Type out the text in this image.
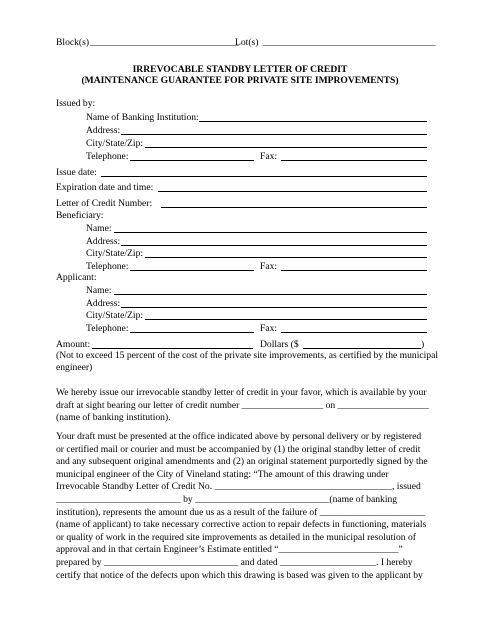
Block(s) _______________________________
Lot(s) ____________________________________
IRREVOCABLE STANDBY LETTER OF CREDIT
(MAINTENANCE GUARANTEE FOR PRIVATE SITE IMPROVEMENTS)
Issued by:
Name of Banking Institution:
Address:
City/State/Zip:
Telephone:	Fax:
Issue date:
Expiration date and time:
Letter of Credit Number:
Beneficiary:
Name:
Address:
City/State/Zip:
Telephone:	Fax:
Applicant:
Name:
Address:
City/State/Zip:
Telephone:	Fax:
Amount:	Dollars ($	)
(Not to exceed 15 percent of the cost of the private site improvements, as certified by the municipal
engineer)
We hereby issue our irrevocable standby letter of credit in your favor, which is available by your
draft at sight bearing our letter of credit number _________________ on ___________________
(name of banking institution).
Your draft must be presented at the office indicated above by personal delivery or by registered
or certified mail or courier and must be accompanied by (1) the original standby letter of credit
and any subsequent original amendments and (2) an original statement purportedly signed by the
municipal engineer of the City of Vineland stating: “The amount of this drawing under
Irrevocable Standby Letter of Credit No. _____________________________________, issued
__________________________ by ____________________________(name of banking
institution), represents the amount due us as a result of the failure of ______________________
(name of applicant) to take necessary corrective action to repair defects in functioning, materials
or quality of work in the required site improvements as detailed in the municipal resolution of
approval and in that certain Engineer’s Estimate entitled “_________________________”
prepared by ____________________________ and dated ____________________. I hereby
certify that notice of the defects upon which this drawing is based was given to the applicant by
